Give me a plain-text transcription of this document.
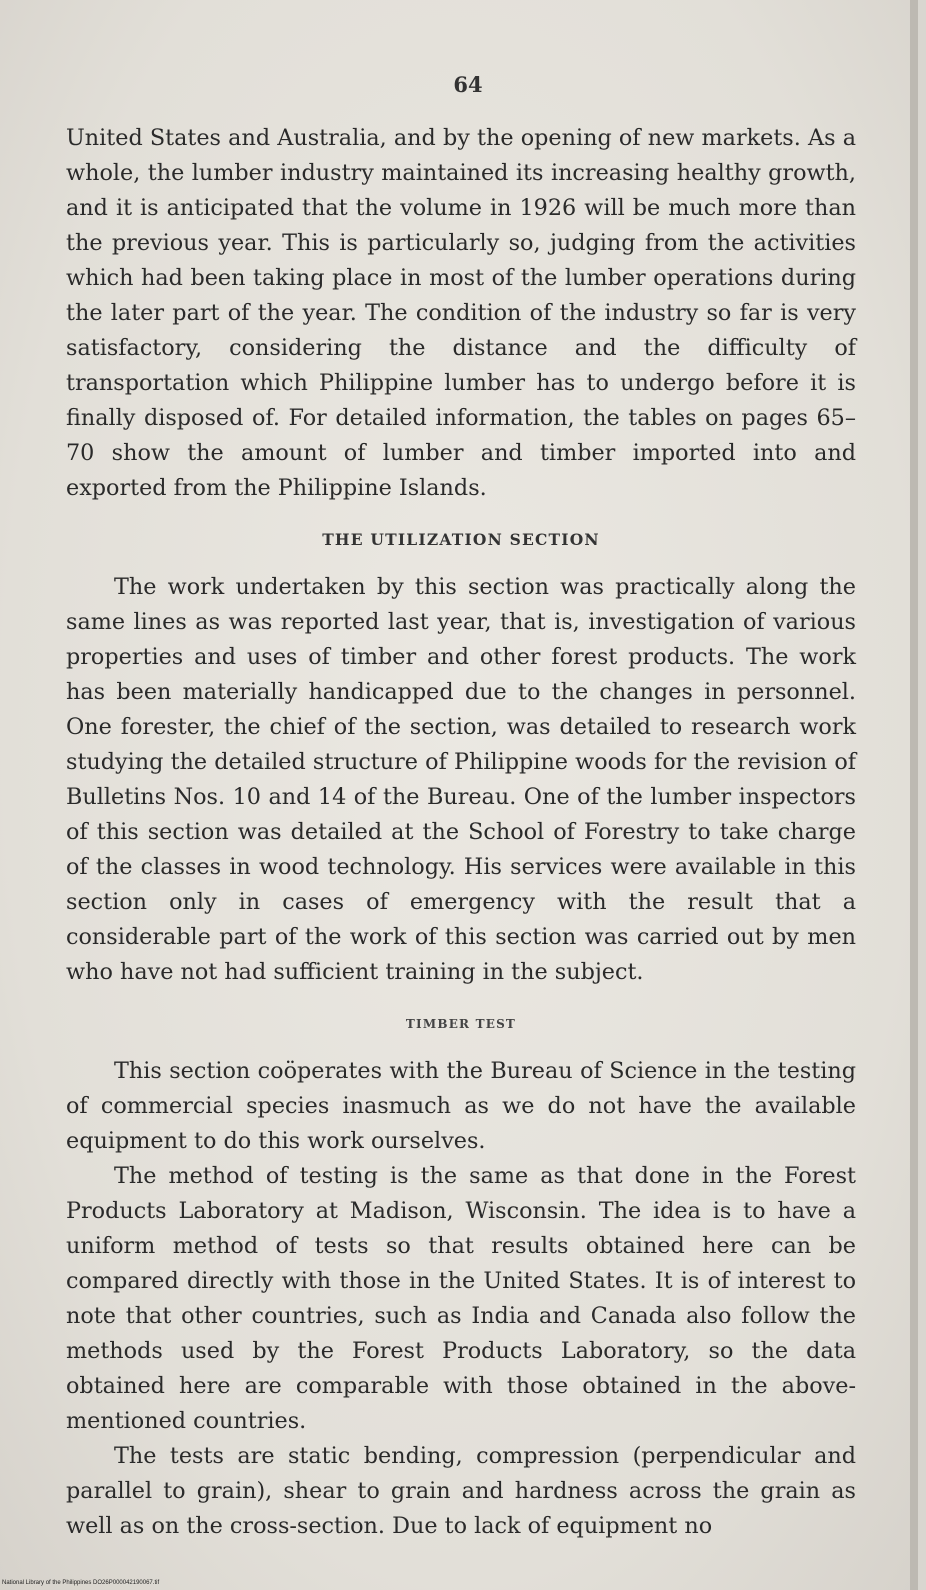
64

United States and Australia, and by the opening of new markets. As a whole, the lumber industry maintained its increasing healthy growth, and it is anticipated that the volume in 1926 will be much more than the previous year. This is particularly so, judging from the activities which had been taking place in most of the lumber operations during the later part of the year. The condition of the industry so far is very satisfactory, considering the distance and the difficulty of transportation which Philippine lumber has to undergo before it is finally disposed of. For detailed information, the tables on pages 65–70 show the amount of lumber and timber imported into and exported from the Philippine Islands.

THE UTILIZATION SECTION

The work undertaken by this section was practically along the same lines as was reported last year, that is, investigation of various properties and uses of timber and other forest products. The work has been materially handicapped due to the changes in personnel. One forester, the chief of the section, was detailed to research work studying the detailed structure of Philippine woods for the revision of Bulletins Nos. 10 and 14 of the Bureau. One of the lumber inspectors of this section was detailed at the School of Forestry to take charge of the classes in wood technology. His services were available in this section only in cases of emergency with the result that a considerable part of the work of this section was carried out by men who have not had sufficient training in the subject.

TIMBER TEST

This section coöperates with the Bureau of Science in the testing of commercial species inasmuch as we do not have the available equipment to do this work ourselves.

The method of testing is the same as that done in the Forest Products Laboratory at Madison, Wisconsin. The idea is to have a uniform method of tests so that results obtained here can be compared directly with those in the United States. It is of interest to note that other countries, such as India and Canada also follow the methods used by the Forest Products Laboratory, so the data obtained here are comparable with those obtained in the above-mentioned countries.

The tests are static bending, compression (perpendicular and parallel to grain), shear to grain and hardness across the grain as well as on the cross-section. Due to lack of equipment no

National Library of the Philippines DO26P000042190067.tif
